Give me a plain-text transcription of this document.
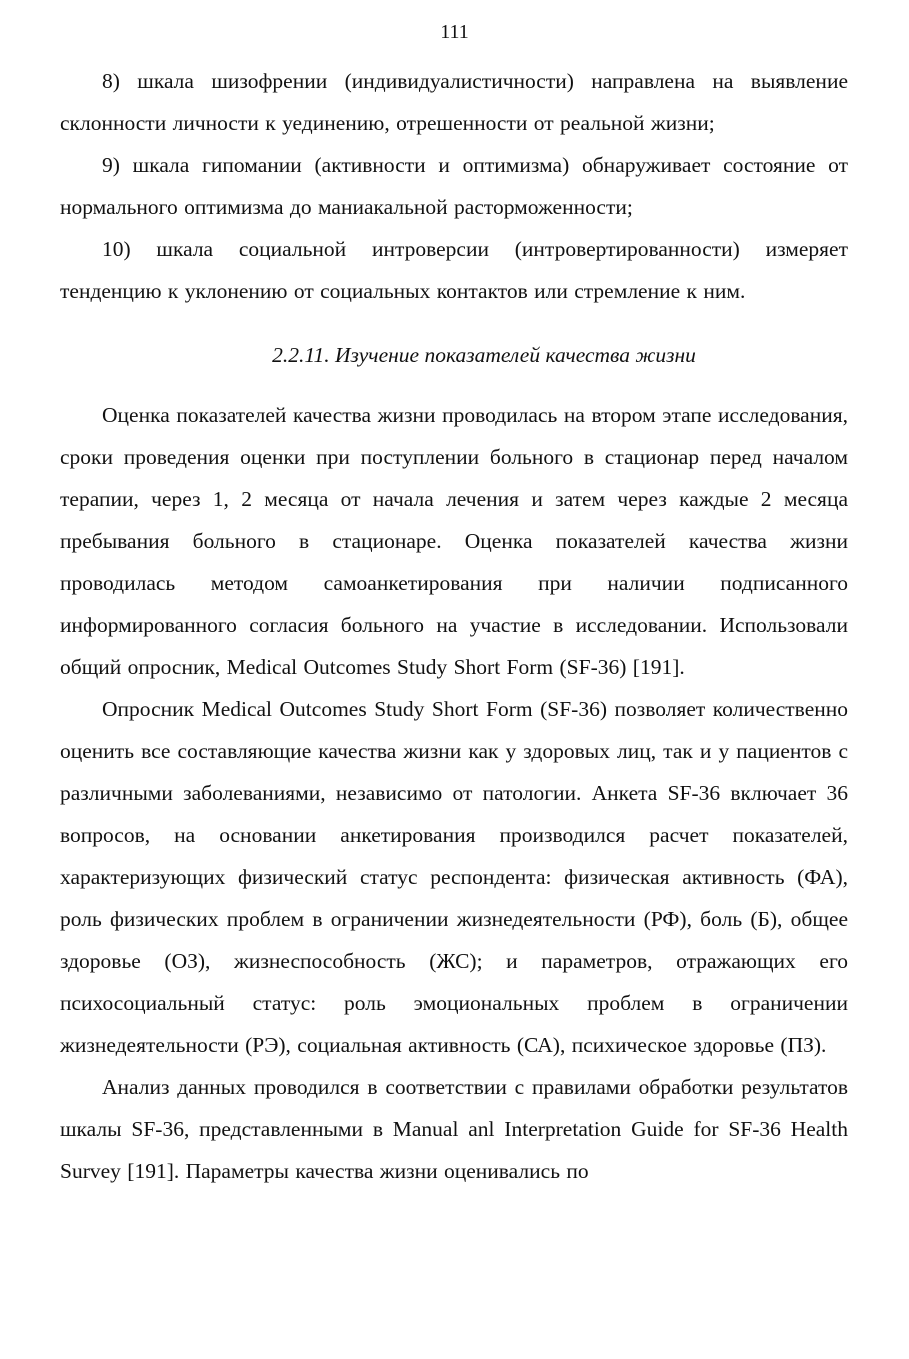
111

8) шкала шизофрении (индивидуалистичности) направлена на выявление склонности личности к уединению, отрешенности от реальной жизни;

9) шкала гипомании (активности и оптимизма) обнаруживает состояние от нормального оптимизма до маниакальной расторможенности;

10) шкала социальной интроверсии (интровертированности) измеряет тенденцию к уклонению от социальных контактов или стремление к ним.

2.2.11. Изучение показателей качества жизни

Оценка показателей качества жизни проводилась на втором этапе исследования, сроки проведения оценки при поступлении больного в стационар перед началом терапии, через 1, 2 месяца от начала лечения и затем через каждые 2 месяца пребывания больного в стационаре. Оценка показателей качества жизни проводилась методом самоанкетирования при наличии подписанного информированного согласия больного на участие в исследовании. Использовали общий опросник, Medical Outcomes Study Short Form (SF-36) [191].

Опросник Medical Outcomes Study Short Form (SF-36) позволяет количественно оценить все составляющие качества жизни как у здоровых лиц, так и у пациентов с различными заболеваниями, независимо от патологии. Анкета SF-36 включает 36 вопросов, на основании анкетирования производился расчет показателей, характеризующих физический статус респондента: физическая активность (ФА), роль физических проблем в ограничении жизнедеятельности (РФ), боль (Б), общее здоровье (ОЗ), жизнеспособность (ЖС); и параметров, отражающих его психосоциальный статус: роль эмоциональных проблем в ограничении жизнедеятельности (РЭ), социальная активность (СА), психическое здоровье (ПЗ).

Анализ данных проводился в соответствии с правилами обработки результатов шкалы SF-36, представленными в Manual anl Interpretation Guide for SF-36 Health Survey [191]. Параметры качества жизни оценивались по
